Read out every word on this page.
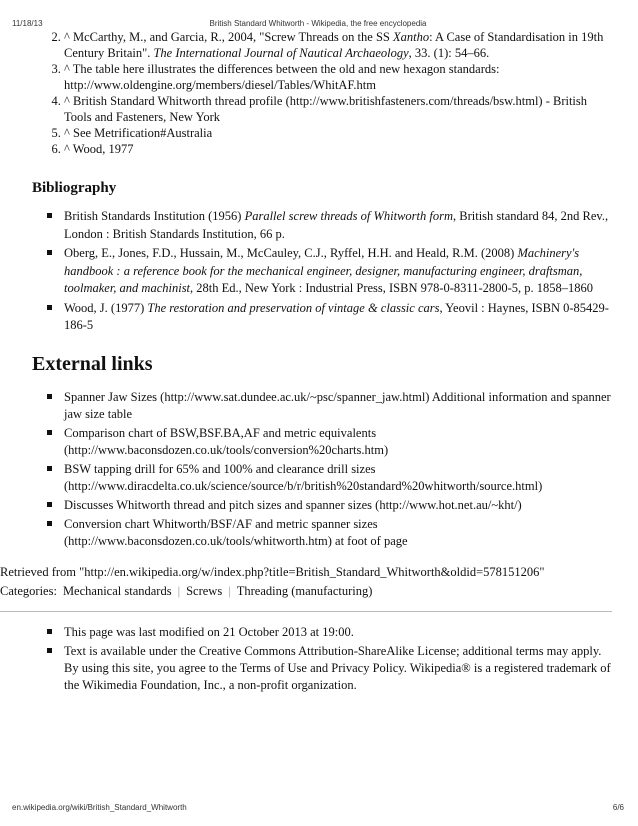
11/18/13	British Standard Whitworth - Wikipedia, the free encyclopedia
2. ^ McCarthy, M., and Garcia, R., 2004, "Screw Threads on the SS Xantho: A Case of Standardisation in 19th Century Britain". The International Journal of Nautical Archaeology, 33. (1): 54–66.
3. ^ The table here illustrates the differences between the old and new hexagon standards: http://www.oldengine.org/members/diesel/Tables/WhitAF.htm
4. ^ British Standard Whitworth thread profile (http://www.britishfasteners.com/threads/bsw.html) - British Tools and Fasteners, New York
5. ^ See Metrification#Australia
6. ^ Wood, 1977
Bibliography
British Standards Institution (1956) Parallel screw threads of Whitworth form, British standard 84, 2nd Rev., London : British Standards Institution, 66 p.
Oberg, E., Jones, F.D., Hussain, M., McCauley, C.J., Ryffel, H.H. and Heald, R.M. (2008) Machinery's handbook : a reference book for the mechanical engineer, designer, manufacturing engineer, draftsman, toolmaker, and machinist, 28th Ed., New York : Industrial Press, ISBN 978-0-8311-2800-5, p. 1858–1860
Wood, J. (1977) The restoration and preservation of vintage & classic cars, Yeovil : Haynes, ISBN 0-85429-186-5
External links
Spanner Jaw Sizes (http://www.sat.dundee.ac.uk/~psc/spanner_jaw.html) Additional information and spanner jaw size table
Comparison chart of BSW,BSF.BA,AF and metric equivalents (http://www.baconsdozen.co.uk/tools/conversion%20charts.htm)
BSW tapping drill for 65% and 100% and clearance drill sizes (http://www.diracdelta.co.uk/science/source/b/r/british%20standard%20whitworth/source.html)
Discusses Whitworth thread and pitch sizes and spanner sizes (http://www.hot.net.au/~kht/)
Conversion chart Whitworth/BSF/AF and metric spanner sizes (http://www.baconsdozen.co.uk/tools/whitworth.htm) at foot of page
Retrieved from "http://en.wikipedia.org/w/index.php?title=British_Standard_Whitworth&oldid=578151206"
Categories: Mechanical standards | Screws | Threading (manufacturing)
This page was last modified on 21 October 2013 at 19:00.
Text is available under the Creative Commons Attribution-ShareAlike License; additional terms may apply. By using this site, you agree to the Terms of Use and Privacy Policy. Wikipedia® is a registered trademark of the Wikimedia Foundation, Inc., a non-profit organization.
en.wikipedia.org/wiki/British_Standard_Whitworth	6/6
